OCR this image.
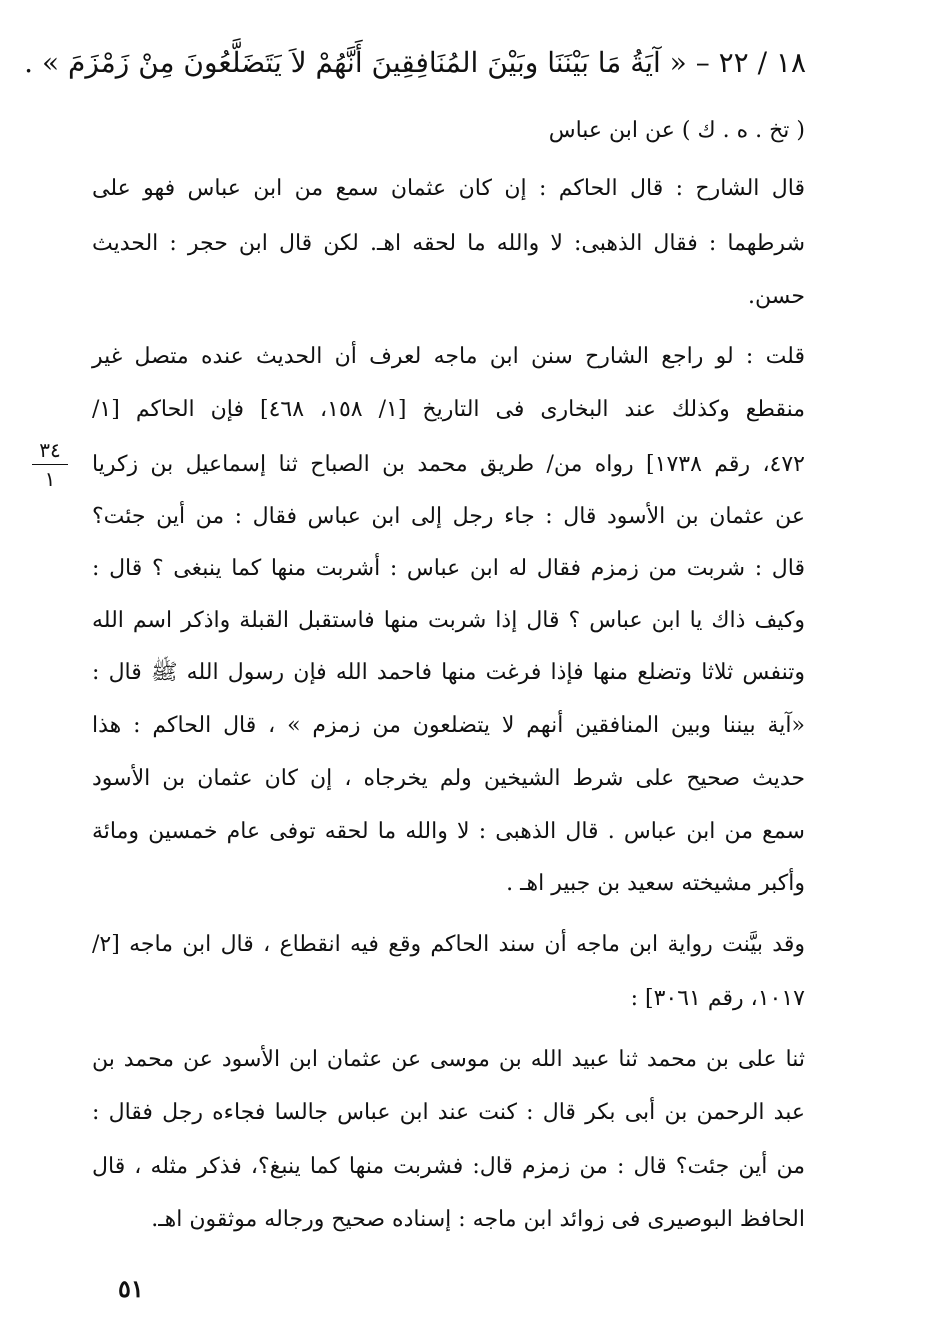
٣٤
١
٥١
١٨ / ٢٢ – « آيَةُ مَا بَيْنَنَا وبَيْنَ المُنَافِقِينَ أَنَّهُمْ لاَ يَتَضَلَّعُونَ مِنْ زَمْزَمَ » .
( تخ . ه . ك ) عن ابن عباس
قال الشارح : قال الحاكم : إن كان عثمان سمع من ابن عباس فهو على
شرطهما : فقال الذهبى: لا والله ما لحقه اهـ. لكن قال ابن حجر : الحديث
حسن.
قلت : لو راجع الشارح سنن ابن ماجه لعرف أن الحديث عنده متصل غير
منقطع وكذلك عند البخارى فى التاريخ [١/ ١٥٨، ٤٦٨] فإن الحاكم [١/
٤٧٢، رقم ١٧٣٨] رواه من/ طريق محمد بن الصباح ثنا إسماعيل بن زكريا
عن عثمان بن الأسود قال : جاء رجل إلى ابن عباس فقال : من أين جئت؟
قال : شربت من زمزم فقال له ابن عباس : أشربت منها كما ينبغى ؟ قال :
وكيف ذاك يا ابن عباس ؟ قال إذا شربت منها فاستقبل القبلة واذكر اسم الله
وتنفس ثلاثا وتضلع منها فإذا فرغت منها فاحمد الله فإن رسول الله ﷺ قال :
«آية بيننا وبين المنافقين أنهم لا يتضلعون من زمزم » ، قال الحاكم : هذا
حديث صحيح على شرط الشيخين ولم يخرجاه ، إن كان عثمان بن الأسود
سمع من ابن عباس . قال الذهبى : لا والله ما لحقه توفى عام خمسين ومائة
وأكبر مشيخته سعيد بن جبير اهـ .
وقد بيَّنت رواية ابن ماجه أن سند الحاكم وقع فيه انقطاع ، قال ابن ماجه [٢/
١٠١٧، رقم ٣٠٦١] :
ثنا على بن محمد ثنا عبيد الله بن موسى عن عثمان ابن الأسود عن محمد بن
عبد الرحمن بن أبى بكر قال : كنت عند ابن عباس جالسا فجاءه رجل فقال :
من أين جئت؟ قال : من زمزم قال: فشربت منها كما ينبغ؟، فذكر مثله ، قال
الحافظ البوصيرى فى زوائد ابن ماجه : إسناده صحيح ورجاله موثقون اهـ.
